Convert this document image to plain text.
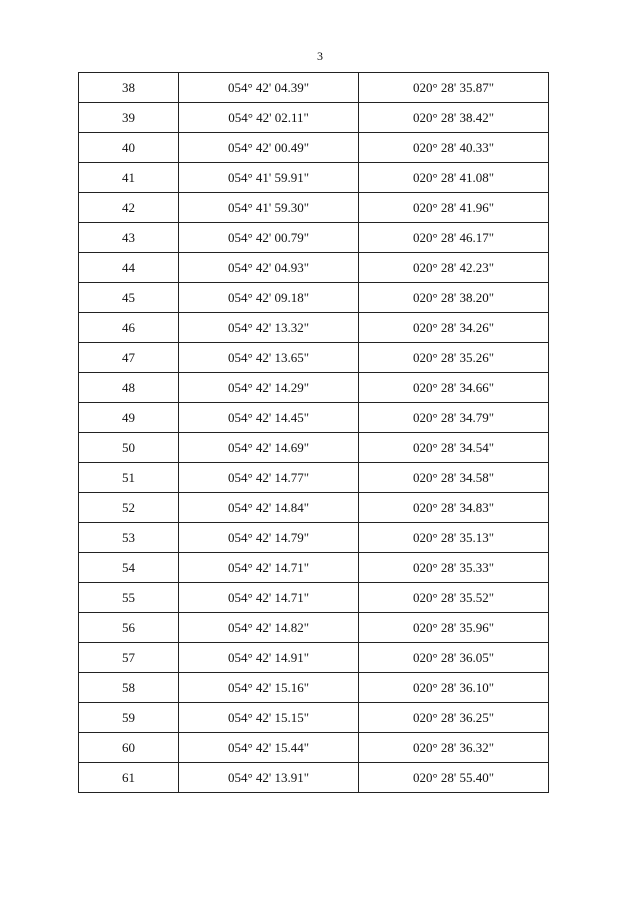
3
38	054° 42' 04.39"	020° 28' 35.87"
39	054° 42' 02.11"	020° 28' 38.42"
40	054° 42' 00.49"	020° 28' 40.33"
41	054° 41' 59.91"	020° 28' 41.08"
42	054° 41' 59.30"	020° 28' 41.96"
43	054° 42' 00.79"	020° 28' 46.17"
44	054° 42' 04.93"	020° 28' 42.23"
45	054° 42' 09.18"	020° 28' 38.20"
46	054° 42' 13.32"	020° 28' 34.26"
47	054° 42' 13.65"	020° 28' 35.26"
48	054° 42' 14.29"	020° 28' 34.66"
49	054° 42' 14.45"	020° 28' 34.79"
50	054° 42' 14.69"	020° 28' 34.54"
51	054° 42' 14.77"	020° 28' 34.58"
52	054° 42' 14.84"	020° 28' 34.83"
53	054° 42' 14.79"	020° 28' 35.13"
54	054° 42' 14.71"	020° 28' 35.33"
55	054° 42' 14.71"	020° 28' 35.52"
56	054° 42' 14.82"	020° 28' 35.96"
57	054° 42' 14.91"	020° 28' 36.05"
58	054° 42' 15.16"	020° 28' 36.10"
59	054° 42' 15.15"	020° 28' 36.25"
60	054° 42' 15.44"	020° 28' 36.32"
61	054° 42' 13.91"	020° 28' 55.40"
